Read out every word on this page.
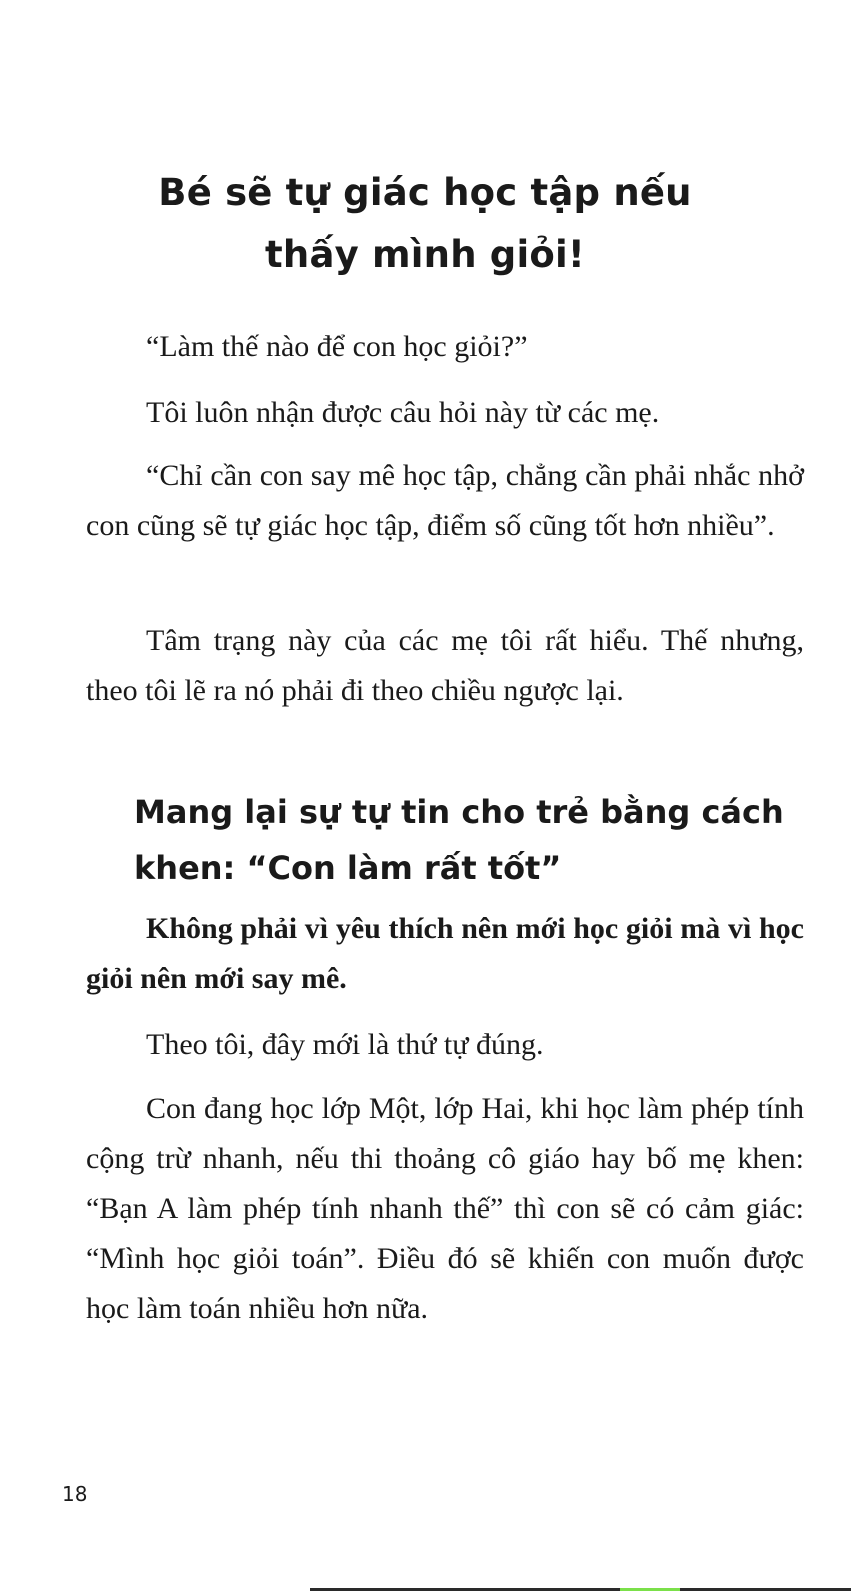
Bé sẽ tự giác học tập nếu thấy mình giỏi!

“Làm thế nào để con học giỏi?”

Tôi luôn nhận được câu hỏi này từ các mẹ.

“Chỉ cần con say mê học tập, chẳng cần phải nhắc nhở con cũng sẽ tự giác học tập, điểm số cũng tốt hơn nhiều”.

Tâm trạng này của các mẹ tôi rất hiểu. Thế nhưng, theo tôi lẽ ra nó phải đi theo chiều ngược lại.

Mang lại sự tự tin cho trẻ bằng cách khen: “Con làm rất tốt”

Không phải vì yêu thích nên mới học giỏi mà vì học giỏi nên mới say mê.

Theo tôi, đây mới là thứ tự đúng.

Con đang học lớp Một, lớp Hai, khi học làm phép tính cộng trừ nhanh, nếu thi thoảng cô giáo hay bố mẹ khen: “Bạn A làm phép tính nhanh thế” thì con sẽ có cảm giác: “Mình học giỏi toán”. Điều đó sẽ khiến con muốn được học làm toán nhiều hơn nữa.

18
